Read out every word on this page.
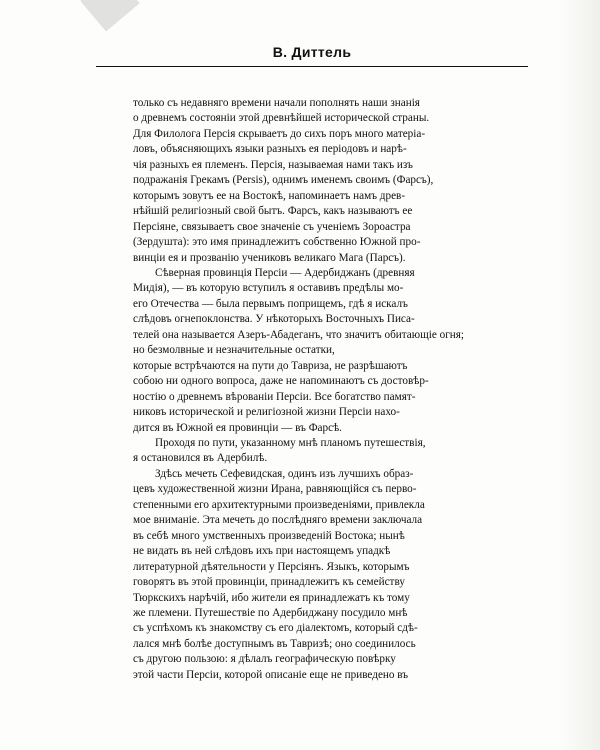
В. Диттель

только съ недавняго времени начали пополнять наши знанія
о древнемъ состояніи этой древнѣйшей исторической страны.
Для Филолога Персія скрываетъ до сихъ поръ много матеріа-
ловъ, объясняющихъ языки разныхъ ея періодовъ и нарѣ-
чія разныхъ ея племенъ. Персія, называемая нами такъ изъ
подражанія Грекамъ (Persis), однимъ именемъ своимъ (Фарсъ),
которымъ зовутъ ее на Востокѣ, напоминаетъ намъ древ-
нѣйшій религіозный свой бытъ. Фарсъ, какъ называютъ ее
Персіяне, связываетъ свое значеніе съ ученіемъ Зороастра
(Зердушта): это имя принадлежитъ собственно Южной про-
винціи ея и прозванію учениковъ великаго Мага (Парсъ).

Сѣверная провинція Персіи — Адербиджанъ (древняя
Мидія), — въ которую вступилъ я оставивъ предѣлы мо-
его Отечества — была первымъ поприщемъ, гдѣ я искалъ
слѣдовъ огнепоклонства. У нѣкоторыхъ Восточныхъ Писа-
телей она называется Азеръ-Абадеганъ, что значитъ обитающіе огня;
но безмолвные и незначительные остатки,
которые встрѣчаются на пути до Тавриза, не разрѣшаютъ
собою ни одного вопроса, даже не напоминаютъ съ достовѣр-
ностію о древнемъ вѣрованіи Персіи. Все богатство памят-
никовъ исторической и религіозной жизни Персіи нахо-
дится въ Южной ея провинціи — въ Фарсѣ.

Проходя по пути, указанному мнѣ планомъ путешествія,
я остановился въ Адербилѣ.

Здѣсь мечеть Сефевидская, одинъ изъ лучшихъ образ-
цевъ художественной жизни Ирана, равняющійся съ перво-
степенными его архитектурными произведеніями, привлекла
мое вниманіе. Эта мечеть до послѣдняго времени заключала
въ себѣ много умственныхъ произведеній Востока; нынѣ
не видать въ ней слѣдовъ ихъ при настоящемъ упадкѣ
литературной дѣятельности у Персіянъ. Языкъ, которымъ
говорятъ въ этой провинціи, принадлежитъ къ семейству
Тюркскихъ нарѣчій, ибо жители ея принадлежатъ къ тому
же племени. Путешествіе по Адербиджану посудило мнѣ
съ успѣхомъ къ знакомству съ его діалектомъ, который сдѣ-
лался мнѣ болѣе доступнымъ въ Тавризѣ; оно соединилось
съ другою пользою: я дѣлалъ географическую повѣрку
этой части Персіи, которой описаніе еще не приведено въ
